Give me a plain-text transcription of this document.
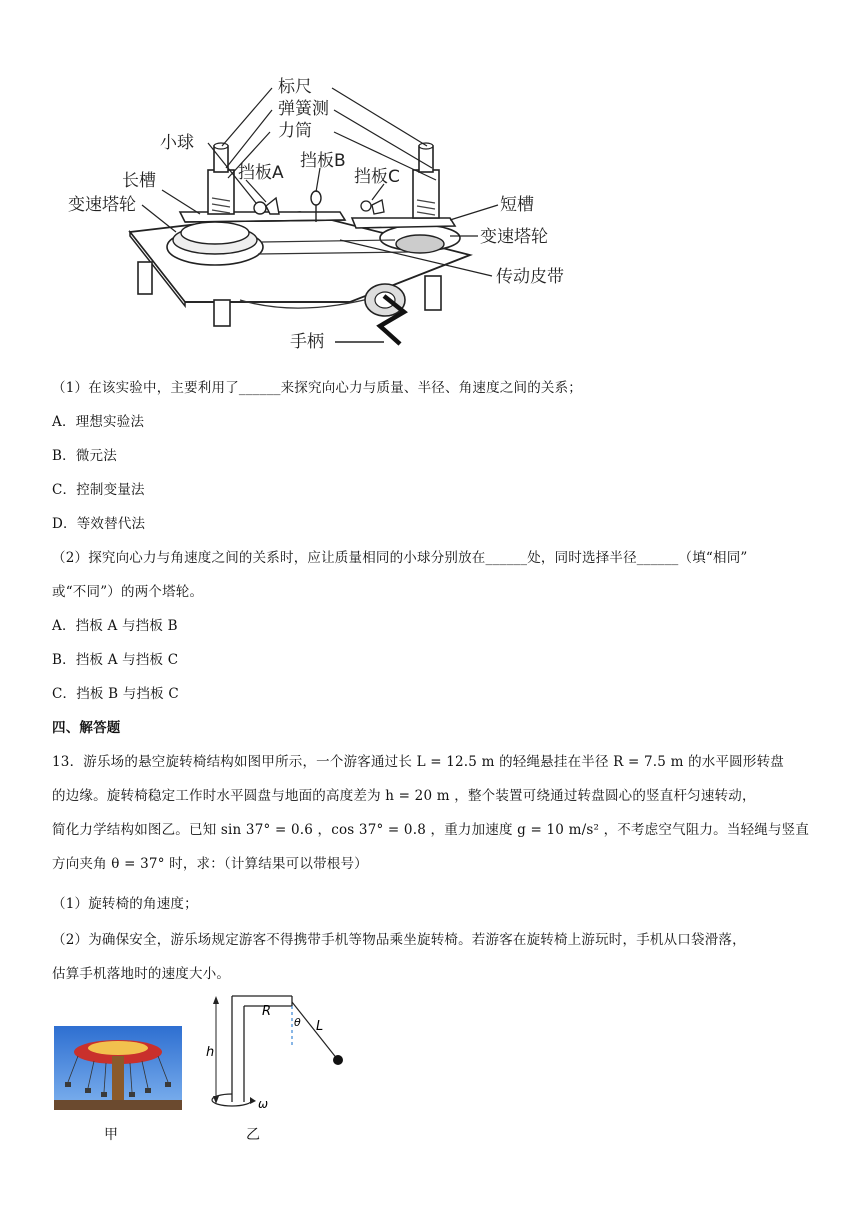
标尺
弹簧测
力筒
小球
挡板A
挡板B
挡板C
长槽
变速塔轮	短槽
变速塔轮
传动皮带
手柄
（1）在该实验中，主要利用了______来探究向心力与质量、半径、角速度之间的关系；
A．理想实验法
B．微元法
C．控制变量法
D．等效替代法
（2）探究向心力与角速度之间的关系时，应让质量相同的小球分别放在______处，同时选择半径______（填“相同”
或“不同”）的两个塔轮。
A．挡板 A 与挡板 B
B．挡板 A 与挡板 C
C．挡板 B 与挡板 C
四、解答题
13．游乐场的悬空旋转椅结构如图甲所示，一个游客通过长 L = 12.5 m 的轻绳悬挂在半径 R = 7.5 m 的水平圆形转盘
的边缘。旋转椅稳定工作时水平圆盘与地面的高度差为 h = 20 m ，整个装置可绕通过转盘圆心的竖直杆匀速转动，
简化力学结构如图乙。已知 sin 37° = 0.6 ，cos 37° = 0.8 ，重力加速度 g = 10 m/s² ，不考虑空气阻力。当轻绳与竖直
方向夹角 θ = 37° 时，求：（计算结果可以带根号）
（1）旋转椅的角速度；
（2）为确保安全，游乐场规定游客不得携带手机等物品乘坐旋转椅。若游客在旋转椅上游玩时，手机从口袋滑落，
估算手机落地时的速度大小。
甲
R
θ L
h
ω
乙
